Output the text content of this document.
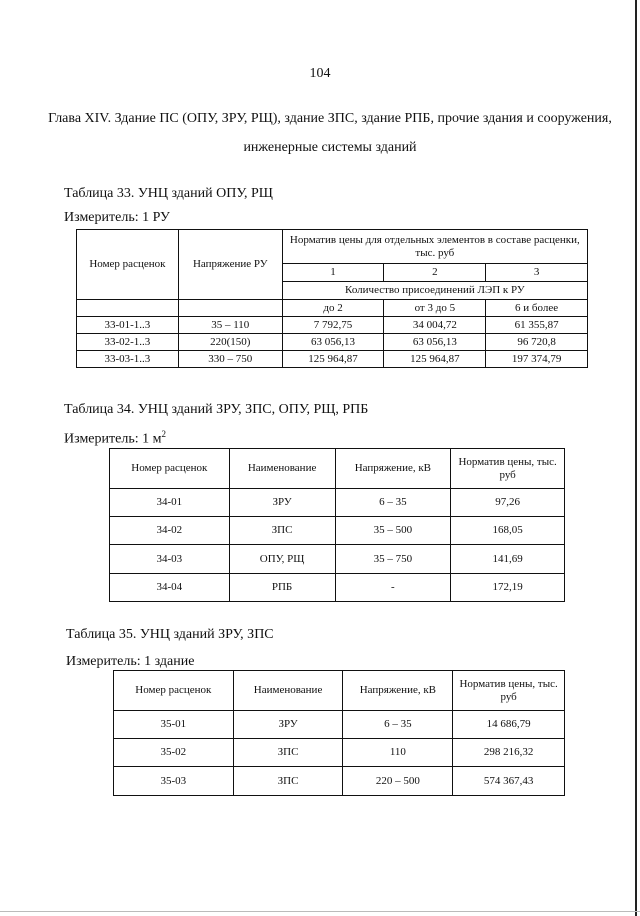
104
Глава XIV. Здание ПС (ОПУ, ЗРУ, РЩ), здание ЗПС, здание РПБ, прочие здания и сооружения, инженерные системы зданий
Таблица 33. УНЦ зданий ОПУ, РЩ
Измеритель: 1 РУ
Номер расценок	Напряжение РУ	Норматив цены для отдельных элементов в составе расценки, тыс. руб		
		1	2	3
		Количество присоединений ЛЭП к РУ		
		до 2	от 3 до 5	6 и более
33-01-1..3	35 – 110	7 792,75	34 004,72	61 355,87
33-02-1..3	220(150)	63 056,13	63 056,13	96 720,8
33-03-1..3	330 – 750	125 964,87	125 964,87	197 374,79
Таблица 34. УНЦ зданий ЗРУ, ЗПС, ОПУ, РЩ, РПБ
Измеритель: 1 $м^2$
Номер расценок	Наименование	Напряжение, кВ	Норматив цены, тыс. руб
34-01	ЗРУ	6 – 35	97,26
34-02	ЗПС	35 – 500	168,05
34-03	ОПУ, РЩ	35 – 750	141,69
34-04	РПБ	-	172,19
Таблица 35. УНЦ зданий ЗРУ, ЗПС
Измеритель: 1 здание
Номер расценок	Наименование	Напряжение, кВ	Норматив цены, тыс. руб
35-01	ЗРУ	6 – 35	14 686,79
35-02	ЗПС	110	298 216,32
35-03	ЗПС	220 – 500	574 367,43
